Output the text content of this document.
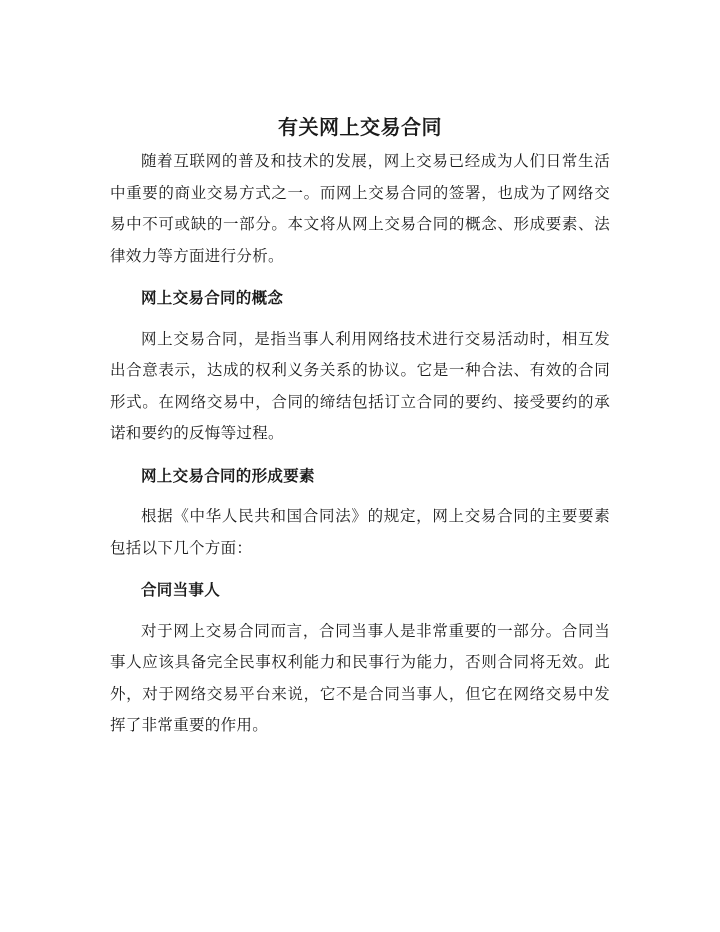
有关网上交易合同

随着互联网的普及和技术的发展，网上交易已经成为人们日常生活中重要的商业交易方式之一。而网上交易合同的签署，也成为了网络交易中不可或缺的一部分。本文将从网上交易合同的概念、形成要素、法律效力等方面进行分析。

网上交易合同的概念

网上交易合同，是指当事人利用网络技术进行交易活动时，相互发出合意表示，达成的权利义务关系的协议。它是一种合法、有效的合同形式。在网络交易中，合同的缔结包括订立合同的要约、接受要约的承诺和要约的反悔等过程。

网上交易合同的形成要素

根据《中华人民共和国合同法》的规定，网上交易合同的主要要素包括以下几个方面：

合同当事人

对于网上交易合同而言，合同当事人是非常重要的一部分。合同当事人应该具备完全民事权利能力和民事行为能力，否则合同将无效。此外，对于网络交易平台来说，它不是合同当事人，但它在网络交易中发挥了非常重要的作用。
